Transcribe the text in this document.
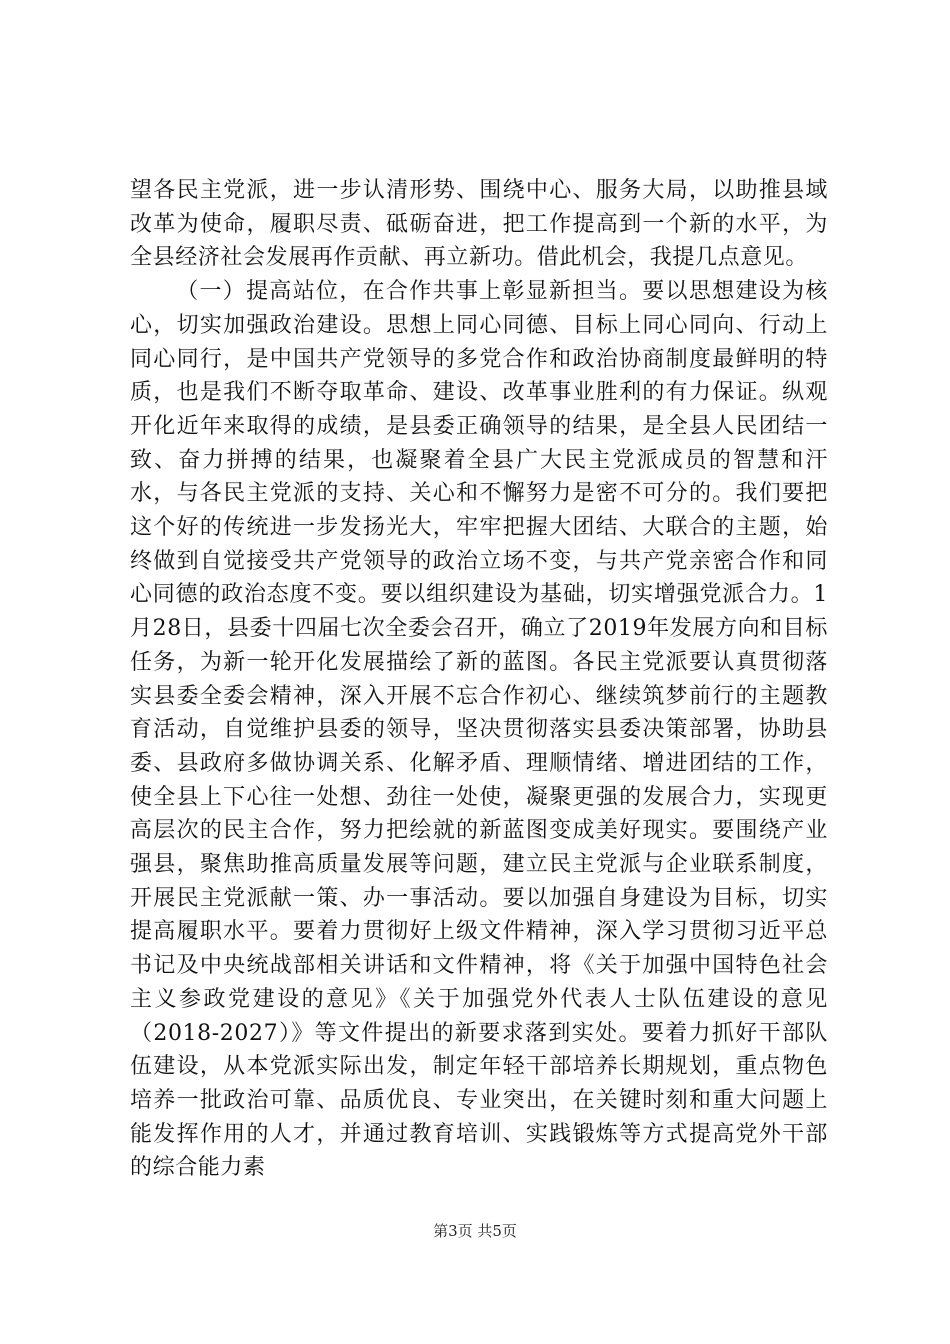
望各民主党派，进一步认清形势、围绕中心、服务大局，以助推县域改革为使命，履职尽责、砥砺奋进，把工作提高到一个新的水平，为全县经济社会发展再作贡献、再立新功。借此机会，我提几点意见。

（一）提高站位，在合作共事上彰显新担当。要以思想建设为核心，切实加强政治建设。思想上同心同德、目标上同心同向、行动上同心同行，是中国共产党领导的多党合作和政治协商制度最鲜明的特质，也是我们不断夺取革命、建设、改革事业胜利的有力保证。纵观开化近年来取得的成绩，是县委正确领导的结果，是全县人民团结一致、奋力拼搏的结果，也凝聚着全县广大民主党派成员的智慧和汗水，与各民主党派的支持、关心和不懈努力是密不可分的。我们要把这个好的传统进一步发扬光大，牢牢把握大团结、大联合的主题，始终做到自觉接受共产党领导的政治立场不变，与共产党亲密合作和同心同德的政治态度不变。要以组织建设为基础，切实增强党派合力。1月28日，县委十四届七次全委会召开，确立了2019年发展方向和目标任务，为新一轮开化发展描绘了新的蓝图。各民主党派要认真贯彻落实县委全委会精神，深入开展不忘合作初心、继续筑梦前行的主题教育活动，自觉维护县委的领导，坚决贯彻落实县委决策部署，协助县委、县政府多做协调关系、化解矛盾、理顺情绪、增进团结的工作，使全县上下心往一处想、劲往一处使，凝聚更强的发展合力，实现更高层次的民主合作，努力把绘就的新蓝图变成美好现实。要围绕产业强县，聚焦助推高质量发展等问题，建立民主党派与企业联系制度，开展民主党派献一策、办一事活动。要以加强自身建设为目标，切实提高履职水平。要着力贯彻好上级文件精神，深入学习贯彻习近平总书记及中央统战部相关讲话和文件精神，将《关于加强中国特色社会主义参政党建设的意见》《关于加强党外代表人士队伍建设的意见（2018-2027）》等文件提出的新要求落到实处。要着力抓好干部队伍建设，从本党派实际出发，制定年轻干部培养长期规划，重点物色培养一批政治可靠、品质优良、专业突出，在关键时刻和重大问题上能发挥作用的人才，并通过教育培训、实践锻炼等方式提高党外干部的综合能力素

第3页 共5页
